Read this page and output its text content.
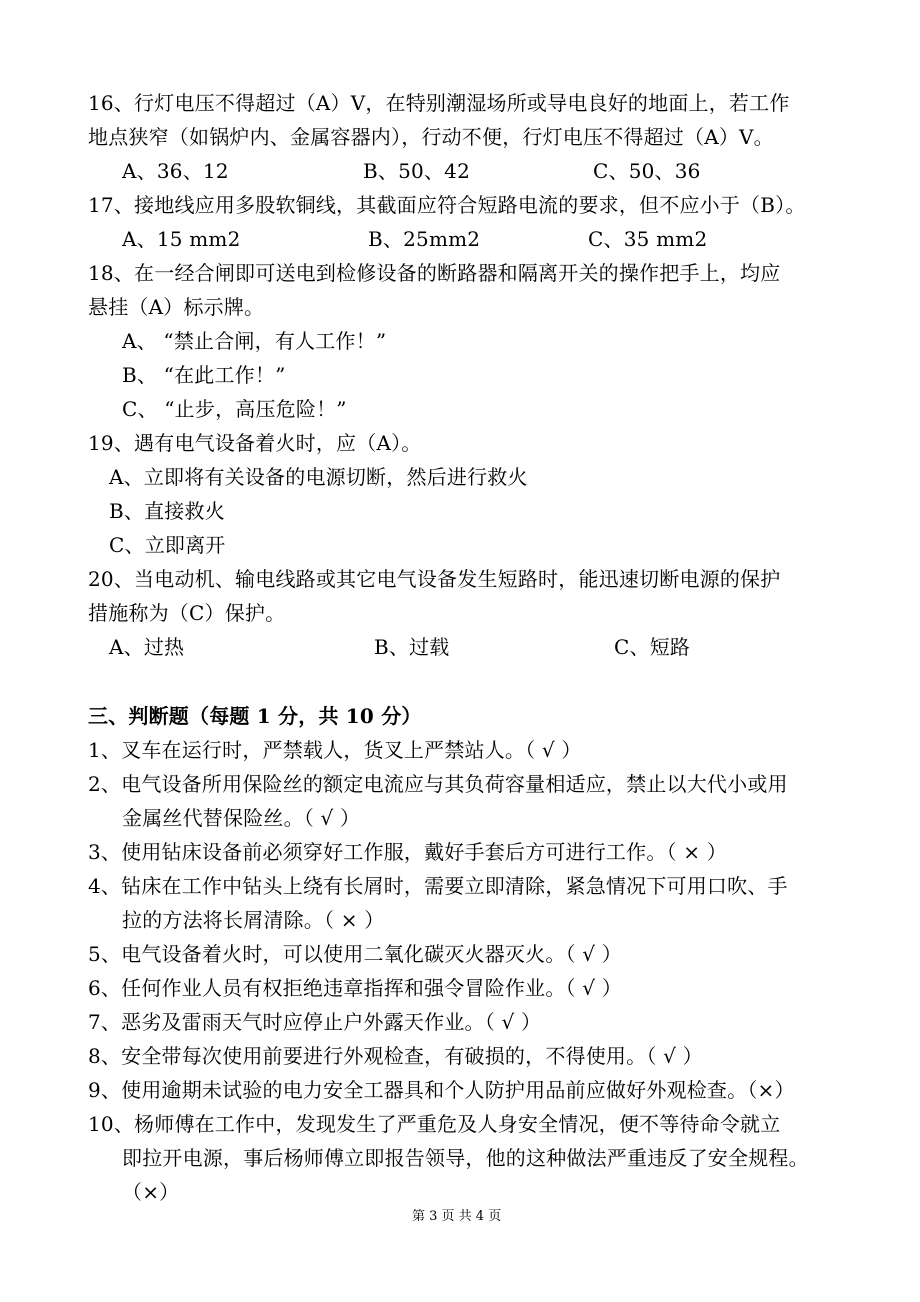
16、行灯电压不得超过（A）V，在特别潮湿场所或导电良好的地面上，若工作
地点狭窄（如锅炉内、金属容器内），行动不便，行灯电压不得超过（A）V。
A、36、12	B、50、42	C、50、36
17、接地线应用多股软铜线，其截面应符合短路电流的要求，但不应小于（B）。
A、15 mm2	B、25mm2	C、35 mm2
18、在一经合闸即可送电到检修设备的断路器和隔离开关的操作把手上，均应
悬挂（A）标示牌。
A、 “禁止合闸，有人工作！”
B、 “在此工作！”
C、 “止步，高压危险！”
19、遇有电气设备着火时，应（A）。
A、立即将有关设备的电源切断，然后进行救火
B、直接救火
C、立即离开
20、当电动机、输电线路或其它电气设备发生短路时，能迅速切断电源的保护
措施称为（C）保护。
A、过热	B、过载	C、短路
三、判断题（每题 1 分，共 10 分）
1、叉车在运行时，严禁载人，货叉上严禁站人。（ √ ）
2、电气设备所用保险丝的额定电流应与其负荷容量相适应，禁止以大代小或用
金属丝代替保险丝。（ √ ）
3、使用钻床设备前必须穿好工作服，戴好手套后方可进行工作。（ × ）
4、钻床在工作中钻头上绕有长屑时，需要立即清除，紧急情况下可用口吹、手
拉的方法将长屑清除。（ × ）
5、电气设备着火时，可以使用二氧化碳灭火器灭火。（ √ ）
6、任何作业人员有权拒绝违章指挥和强令冒险作业。（ √ ）
7、恶劣及雷雨天气时应停止户外露天作业。（ √ ）
8、安全带每次使用前要进行外观检查，有破损的，不得使用。（ √ ）
9、使用逾期未试验的电力安全工器具和个人防护用品前应做好外观检查。（×）
10、杨师傅在工作中，发现发生了严重危及人身安全情况，便不等待命令就立
即拉开电源，事后杨师傅立即报告领导，他的这种做法严重违反了安全规程。
（×）
第 3 页 共 4 页
